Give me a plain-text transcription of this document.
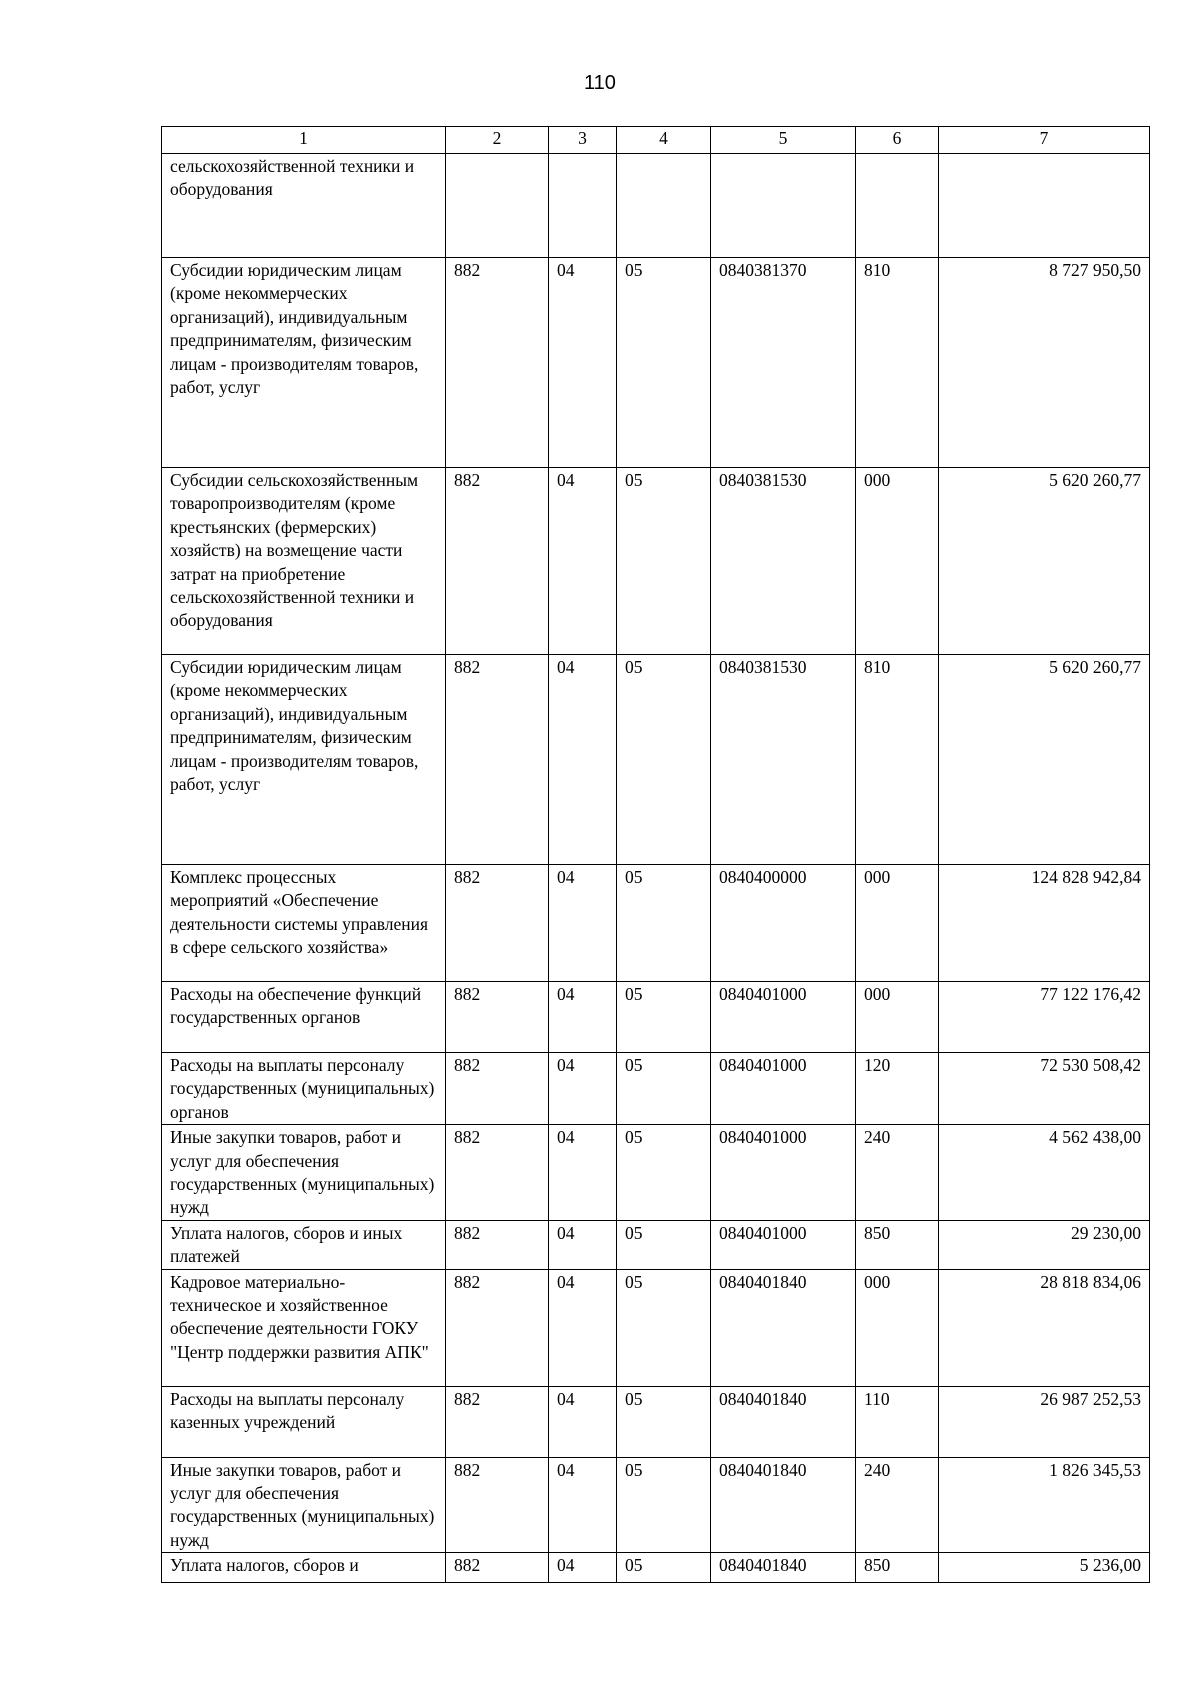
110
1	2	3	4	5	6	7
сельскохозяйственной техники и оборудования						
Субсидии юридическим лицам (кроме некоммерческих организаций), индивидуальным предпринимателям, физическим лицам - производителям товаров, работ, услуг	882	04	05	0840381370	810	8 727 950,50
Субсидии сельскохозяйственным товаропроизводителям (кроме крестьянских (фермерских) хозяйств) на возмещение части затрат на приобретение сельскохозяйственной техники и оборудования	882	04	05	0840381530	000	5 620 260,77
Субсидии юридическим лицам (кроме некоммерческих организаций), индивидуальным предпринимателям, физическим лицам - производителям товаров, работ, услуг	882	04	05	0840381530	810	5 620 260,77
Комплекс процессных мероприятий «Обеспечение деятельности системы управления в сфере сельского хозяйства»	882	04	05	0840400000	000	124 828 942,84
Расходы на обеспечение функций государственных органов	882	04	05	0840401000	000	77 122 176,42
Расходы на выплаты персоналу государственных (муниципальных) органов	882	04	05	0840401000	120	72 530 508,42
Иные закупки товаров, работ и услуг для обеспечения государственных (муниципальных) нужд	882	04	05	0840401000	240	4 562 438,00
Уплата налогов, сборов и иных платежей	882	04	05	0840401000	850	29 230,00
Кадровое материально-техническое и хозяйственное обеспечение деятельности ГОКУ "Центр поддержки развития АПК"	882	04	05	0840401840	000	28 818 834,06
Расходы на выплаты персоналу казенных учреждений	882	04	05	0840401840	110	26 987 252,53
Иные закупки товаров, работ и услуг для обеспечения государственных (муниципальных) нужд	882	04	05	0840401840	240	1 826 345,53
Уплата налогов, сборов и	882	04	05	0840401840	850	5 236,00
